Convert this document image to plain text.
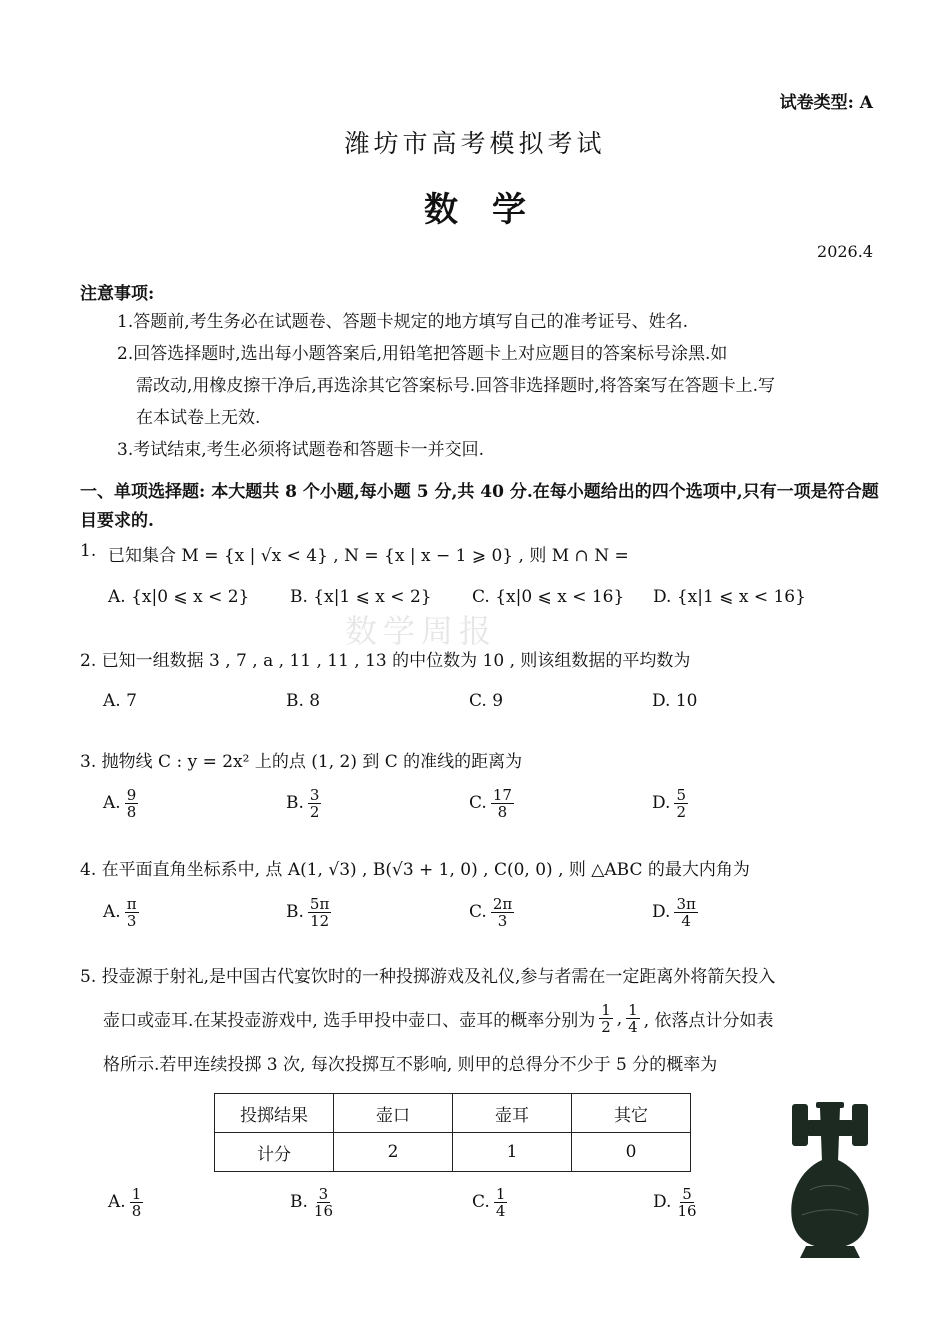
试卷类型: A
潍坊市高考模拟考试
数学
2026.4
数学周报
注意事项:
1.答题前,考生务必在试题卷、答题卡规定的地方填写自己的准考证号、姓名.
2.回答选择题时,选出每小题答案后,用铅笔把答题卡上对应题目的答案标号涂黑.如
需改动,用橡皮擦干净后,再选涂其它答案标号.回答非选择题时,将答案写在答题卡上.写
在本试卷上无效.
3.考试结束,考生必须将试题卷和答题卡一并交回.
一、单项选择题: 本大题共 8 个小题,每小题 5 分,共 40 分.在每小题给出的四个选项中,只有一项是符合题目要求的.
1. 已知集合 M = {x | √x < 4} , N = {x | x − 1 ⩾ 0} , 则 M ∩ N =
A. {x|0 ⩽ x < 2} B. {x|1 ⩽ x < 2} C. {x|0 ⩽ x < 16} D. {x|1 ⩽ x < 16}
2. 已知一组数据 3 , 7 , a , 11 , 11 , 13 的中位数为 10 , 则该组数据的平均数为
A. 7	B. 8	C. 9	D. 10
3. 抛物线 C : y = 2x² 上的点 (1, 2) 到 C 的准线的距离为
A. $\frac{9}{8}$	B. $\frac{3}{2}$	C. $\frac{17}{8}$	D. $\frac{5}{2}$
4. 在平面直角坐标系中, 点 A(1, √3) , B(√3 + 1, 0) , C(0, 0) , 则 △ABC 的最大内角为
A. $\frac{\pi}{3}$	B. $\frac{5\pi}{12}$	C. $\frac{2\pi}{3}$	D. $\frac{3\pi}{4}$
5. 投壶源于射礼,是中国古代宴饮时的一种投掷游戏及礼仪,参与者需在一定距离外将箭矢投入
壶口或壶耳.在某投壶游戏中, 选手甲投中壶口、壶耳的概率分别为 $\frac{1}{2}$ , $\frac{1}{4}$ , 依落点计分如表
格所示.若甲连续投掷 3 次, 每次投掷互不影响, 则甲的总得分不少于 5 分的概率为
投掷结果	壶口	壶耳	其它
计分	2	1	0
A. $\frac{1}{8}$	B. $\frac{3}{16}$	C. $\frac{1}{4}$	D. $\frac{5}{16}$
